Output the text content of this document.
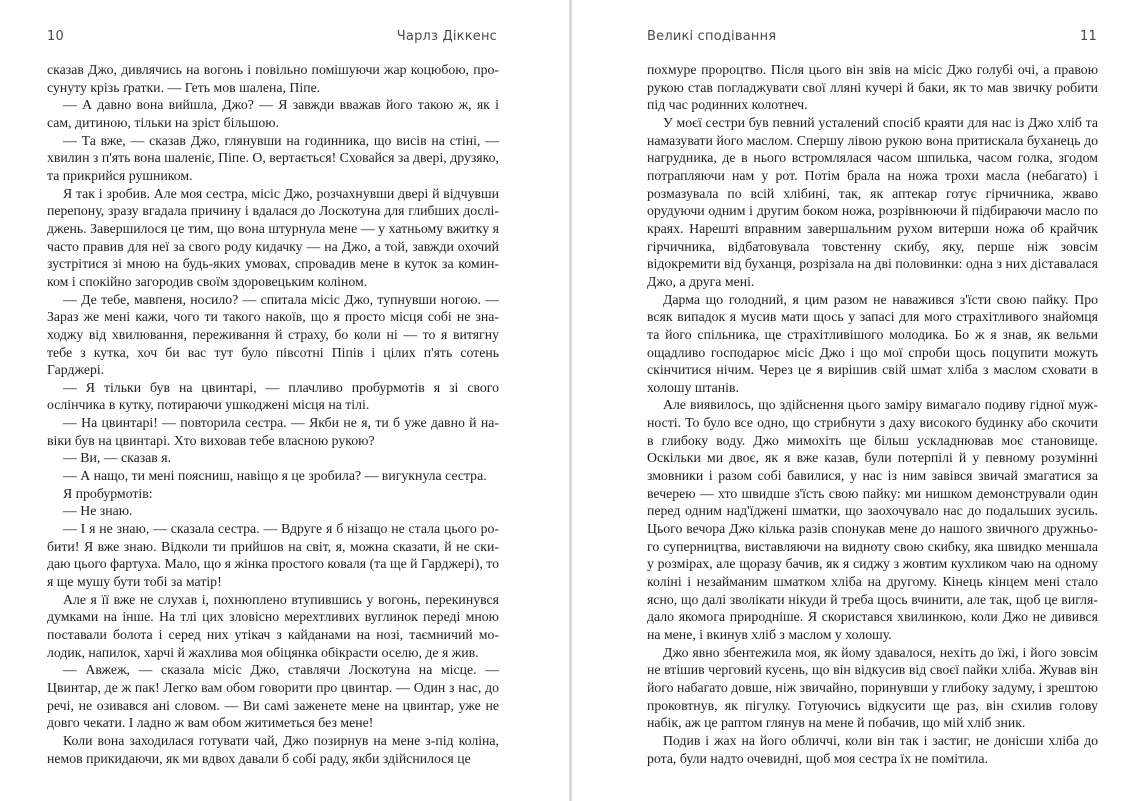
10	Чарлз Діккенс

сказав Джо, дивлячись на вогонь і повільно помішуючи жар коцюбою, просунуту крізь ґратки. — Геть мов шалена, Піпе.

— А давно вона вийшла, Джо? — Я завжди вважав його такою ж, як і сам, дитиною, тільки на зріст більшою.

— Та вже, — сказав Джо, глянувши на годинника, що висів на стіні, — хвилин з п'ять вона шаленіє, Піпе. О, вертається! Сховайся за двері, друзяко, та прикрийся рушником.

Я так і зробив. Але моя сестра, місіс Джо, розчахнувши двері й відчувши перепону, зразу вгадала причину і вдалася до Лоскотуна для глибших досліджень. Завершилося це тим, що вона штурнула мене — у хатньому вжитку я часто правив для неї за свого роду кидачку — на Джо, а той, завжди охочий зустрітися зі мною на будь-яких умовах, спровадив мене в куток за коминком і спокійно загородив своїм здоровецьким коліном.

— Де тебе, мавпеня, носило? — спитала місіс Джо, тупнувши ногою. — Зараз же мені кажи, чого ти такого накоїв, що я просто місця собі не знаходжу від хвилювання, переживання й страху, бо коли ні — то я витягну тебе з кутка, хоч би вас тут було півсотні Піпів і цілих п'ять сотень Гарджері.

— Я тільки був на цвинтарі, — плачливо пробурмотів я зі свого ослінчика в кутку, потираючи ушкоджені місця на тілі.

— На цвинтарі! — повторила сестра. — Якби не я, ти б уже давно й навіки був на цвинтарі. Хто виховав тебе власною рукою?

— Ви, — сказав я.

— А нащо, ти мені поясниш, навіщо я це зробила? — вигукнула сестра.

Я пробурмотів:

— Не знаю.

— І я не знаю, — сказала сестра. — Вдруге я б нізащо не стала цього робити! Я вже знаю. Відколи ти прийшов на світ, я, можна сказати, й не скидаю цього фартуха. Мало, що я жінка простого коваля (та ще й Гарджері), то я ще мушу бути тобі за матір!

Але я її вже не слухав і, похнюплено втупившись у вогонь, перекинувся думками на інше. На тлі цих зловісно мерехтливих вуглинок переді мною поставали болота і серед них утікач з кайданами на нозі, таємничий молодик, напилок, харчі й жахлива моя обіцянка обікрасти оселю, де я жив.

— Авжеж, — сказала місіс Джо, ставлячи Лоскотуна на місце. — Цвинтар, де ж пак! Легко вам обом говорити про цвинтар. — Один з нас, до речі, не озивався ані словом. — Ви самі заженете мене на цвинтар, уже не довго чекати. І ладно ж вам обом житиметься без мене!

Коли вона заходилася готувати чай, Джо позирнув на мене з-під коліна, немов прикидаючи, як ми вдвох давали б собі раду, якби здійснилося це

Великі сподівання	11

похмуре пророцтво. Після цього він звів на місіс Джо голубі очі, а правою рукою став погладжувати свої лляні кучері й баки, як то мав звичку робити під час родинних колотнеч.

У моєї сестри був певний усталений спосіб краяти для нас із Джо хліб та намазувати його маслом. Спершу лівою рукою вона притискала буханець до нагрудника, де в нього встромлялася часом шпилька, часом голка, згодом потрапляючи нам у рот. Потім брала на ножа трохи масла (небагато) і розмазувала по всій хлібині, так, як аптекар готує гірчичника, жваво орудуючи одним і другим боком ножа, розрівнюючи й підбираючи масло по краях. Нарешті вправним завершальним рухом витерши ножа об крайчик гірчичника, відбатовувала товстенну скибу, яку, перше ніж зовсім відокремити від буханця, розрізала на дві половинки: одна з них діставалася Джо, а друга мені.

Дарма що голодний, я цим разом не наважився з'їсти свою пайку. Про всяк випадок я мусив мати щось у запасі для мого страхітливого знайомця та його спільника, ще страхітливішого молодика. Бо ж я знав, як вельми ощадливо господарює місіс Джо і що мої спроби щось поцупити можуть скінчитися нічим. Через це я вирішив свій шмат хліба з маслом сховати в холошу штанів.

Але виявилось, що здійснення цього заміру вимагало подиву гідної мужності. То було все одно, що стрибнути з даху високого будинку або скочити в глибоку воду. Джо мимохіть ще більш ускладнював моє становище. Оскільки ми двоє, як я вже казав, були потерпілі й у певному розумінні змовники і разом собі бавилися, у нас із ним завівся звичай змагатися за вечерею — хто швидше з'їсть свою пайку: ми нишком демонстрували один перед одним над'їджені шматки, що заохочувало нас до подальших зусиль. Цього вечора Джо кілька разів спонукав мене до нашого звичного дружнього суперництва, виставляючи на видноту свою скибку, яка швидко меншала у розмірах, але щоразу бачив, як я сиджу з жовтим кухликом чаю на одному коліні і незайманим шматком хліба на другому. Кінець кінцем мені стало ясно, що далі зволікати нікуди й треба щось вчинити, але так, щоб це виглядало якомога природніше. Я скористався хвилинкою, коли Джо не дивився на мене, і вкинув хліб з маслом у холошу.

Джо явно збентежила моя, як йому здавалося, нехіть до їжі, і його зовсім не втішив черговий кусень, що він відкусив від своєї пайки хліба. Жував він його набагато довше, ніж звичайно, поринувши у глибоку задуму, і зрештою проковтнув, як пігулку. Готуючись відкусити ще раз, він схилив голову набік, аж це раптом глянув на мене й побачив, що мій хліб зник.

Подив і жах на його обличчі, коли він так і застиг, не донісши хліба до рота, були надто очевидні, щоб моя сестра їх не помітила.
